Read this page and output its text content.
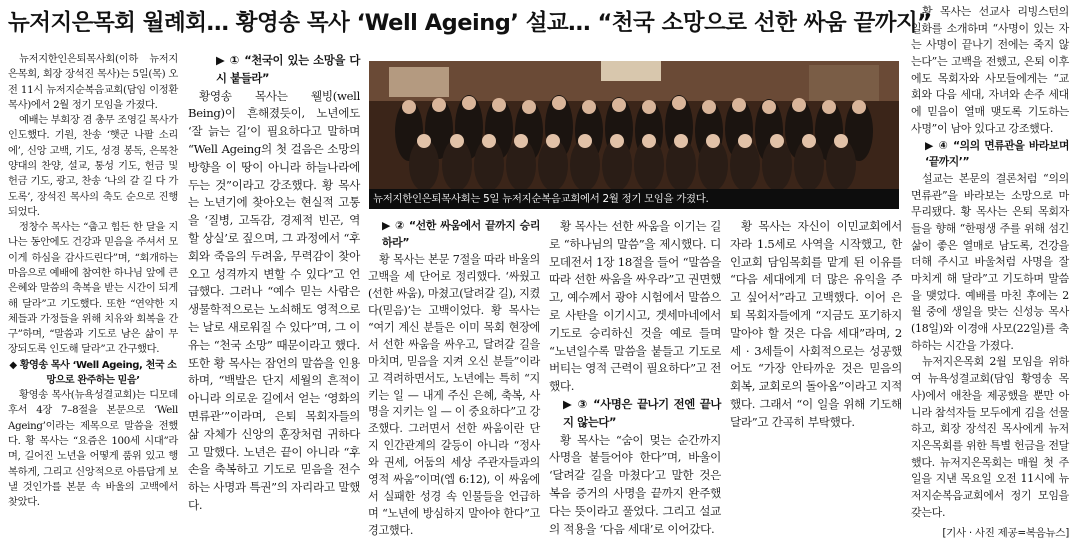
뉴저지은목회 월례회… 황영송 목사 ‘Well Ageing’ 설교… “천국 소망으로 선한 싸움 끝까지”

뉴저지한인은퇴목사회(이하 뉴저지은목회, 회장 장석진 목사)는 5일(목) 오전 11시 뉴저지순복음교회(담임 이정환 목사)에서 2월 정기 모임을 가졌다.

예배는 부회장 겸 총무 조영길 목사가 인도했다. 기원, 찬송 ‘햇군 나팔 소리에’, 신앙 고백, 기도, 성경 봉독, 은목찬양대의 찬양, 설교, 통성 기도, 헌금 및 헌금 기도, 광고, 찬송 ‘나의 갈 길 다 가도록’, 장석진 목사의 축도 순으로 진행되었다.

정창수 목사는 “춥고 힘든 한 달을 지나는 동안에도 건강과 믿음을 주셔서 모이게 하심을 감사드린다”며, “회개하는 마음으로 예배에 참여한 하나님 앞에 큰 은혜와 말씀의 축복을 받는 시간이 되게 해 달라”고 기도했다. 또한 “연약한 지체들과 가정들을 위해 치유와 회복을 간구”하며, “말씀과 기도로 남은 삶이 무장되도록 인도해 달라”고 간구했다.

◆ 황영송 목사 ‘Well Ageing, 천국 소망으로 완주하는 믿음’

황영송 목사(뉴욕성결교회)는 디모데후서 4장 7–8절을 본문으로 ‘Well Ageing’이라는 제목으로 말씀을 전했다. 황 목사는 “요즘은 100세 시대”라며, 길어진 노년을 어떻게 품위 있고 행복하게, 그리고 신앙적으로 아름답게 보낼 것인가를 본문 속 바울의 고백에서 찾았다.

▶ ① “천국이 있는 소망을 다시 붙들라”

황영송 목사는 웰빙(well Being)이 흔해졌듯이, 노년에도 ‘잘 늙는 길’이 필요하다고 말하며 “Well Ageing의 첫 걸음은 소망의 방향을 이 땅이 아니라 하늘나라에 두는 것”이라고 강조했다. 황 목사는 노년기에 찾아오는 현실적 고통을 ‘질병, 고독감, 경제적 빈곤, 역할 상실’로 짚으며, 그 과정에서 “후회와 죽음의 두려움, 무력감이 찾아오고 성격까지 변할 수 있다”고 언급했다. 그러나 “예수 믿는 사람은 생물학적으로는 노쇠해도 영적으로는 날로 새로워질 수 있다”며, 그 이유는 “천국 소망” 때문이라고 했다. 또한 황 목사는 잠언의 말씀을 인용하며, “백발은 단지 세월의 흔적이 아니라 의로운 길에서 얻는 ‘영화의 면류관’”이라며, 은퇴 목회자들의 삶 자체가 신앙의 훈장처럼 귀하다고 말했다. 노년은 끝이 아니라 “후손을 축복하고 기도로 믿음을 전수하는 사명과 특권”의 자리라고 말했다.

뉴저지한인은퇴목사회는 5일 뉴저지순복음교회에서 2월 정기 모임을 가졌다.
▶ ② “선한 싸움에서 끝까지 승리하라”

황 목사는 본문 7절을 따라 바울의 고백을 세 단어로 정리했다. ‘싸웠고(선한 싸움), 마쳤고(달려갈 길), 지켰다(믿음)’는 고백이었다. 황 목사는 “여기 계신 분들은 이미 목회 현장에서 선한 싸움을 싸우고, 달려갈 길을 마치며, 믿음을 지켜 오신 분들”이라고 격려하면서도, 노년에는 특히 “지키는 일 — 내게 주신 은혜, 축복, 사명을 지키는 일 — 이 중요하다”고 강조했다. 그러면서 선한 싸움이란 단지 인간관계의 갈등이 아니라 “정사와 권세, 어둠의 세상 주관자들과의 영적 싸움”이며(엡 6:12), 이 싸움에서 실패한 성경 속 인물들을 언급하며 “노년에 방심하지 말아야 한다”고 경고했다.

황 목사는 선한 싸움을 이기는 길로 “하나님의 말씀”을 제시했다. 디모데전서 1장 18절을 들어 “말씀을 따라 선한 싸움을 싸우라”고 권면했고, 예수께서 광야 시험에서 말씀으로 사탄을 이기시고, 겟세마네에서 기도로 승리하신 것을 예로 들며 “노년일수록 말씀을 붙들고 기도로 버티는 영적 근력이 필요하다”고 전했다.

▶ ③ “사명은 끝나기 전엔 끝나지 않는다”

황 목사는 “숨이 멎는 순간까지 사명을 붙들어야 한다”며, 바울이 ‘달려갈 길을 마쳤다’고 말한 것은 복음 증거의 사명을 끝까지 완주했다는 뜻이라고 풀었다. 그리고 설교의 적용을 ‘다음 세대’로 이어갔다.

황 목사는 자신이 이민교회에서 자라 1.5세로 사역을 시작했고, 한인교회 담임목회를 맡게 된 이유를 “다음 세대에게 더 많은 유익을 주고 싶어서”라고 고백했다. 이어 은퇴 목회자들에게 “지금도 포기하지 말아야 할 것은 다음 세대”라며, 2세 · 3세들이 사회적으로는 성공했어도 “가장 안타까운 것은 믿음의 회복, 교회로의 돌아옴”이라고 지적했다. 그래서 “이 일을 위해 기도해 달라”고 간곡히 부탁했다.

황 목사는 선교사 리빙스턴의 일화를 소개하며 “사명이 있는 자는 사명이 끝나기 전에는 죽지 않는다”는 고백을 전했고, 은퇴 이후에도 목회자와 사모들에게는 “교회와 다음 세대, 자녀와 손주 세대에 믿음이 열매 맺도록 기도하는 사명”이 남아 있다고 강조했다.

▶ ④ “의의 면류관을 바라보며 ‘끝까지’”

설교는 본문의 결론처럼 “의의 면류관”을 바라보는 소망으로 마무리됐다. 황 목사는 은퇴 목회자들을 향해 “한평생 주를 위해 섬긴 삶이 좋은 열매로 남도록, 건강을 더해 주시고 바울처럼 사명을 잘 마치게 해 달라”고 기도하며 말씀을 맺었다. 예배를 마친 후에는 2월 중에 생일을 맞는 신성능 목사(18일)와 이경애 사모(22일)를 축하하는 시간을 가졌다.

뉴저지은목회 2월 모임을 위하여 뉴욕성결교회(담임 황영송 목사)에서 애찬을 제공했을 뿐만 아니라 참석자들 모두에게 김을 선물하고, 회장 장석진 목사에게 뉴저지은목회를 위한 특별 헌금을 전달했다. 뉴저지은목회는 매월 첫 주일을 지낸 목요일 오전 11시에 뉴저지순복음교회에서 정기 모임을 갖는다.

[기사 · 사진 제공=복음뉴스]
